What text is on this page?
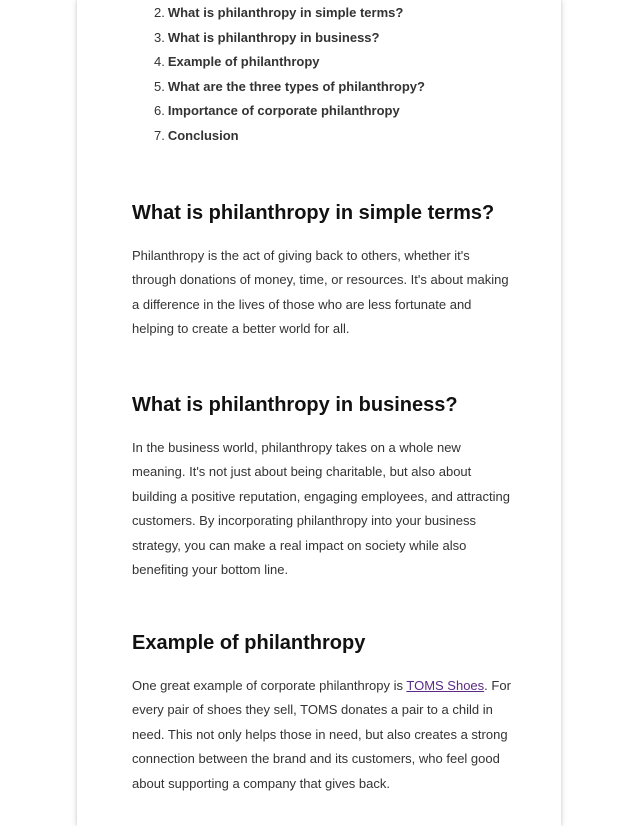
2. What is philanthropy in simple terms?
3. What is philanthropy in business?
4. Example of philanthropy
5. What are the three types of philanthropy?
6. Importance of corporate philanthropy
7. Conclusion
What is philanthropy in simple terms?
Philanthropy is the act of giving back to others, whether it's
through donations of money, time, or resources. It's about making
a difference in the lives of those who are less fortunate and
helping to create a better world for all.
What is philanthropy in business?
In the business world, philanthropy takes on a whole new
meaning. It's not just about being charitable, but also about
building a positive reputation, engaging employees, and attracting
customers. By incorporating philanthropy into your business
strategy, you can make a real impact on society while also
benefiting your bottom line.
Example of philanthropy
One great example of corporate philanthropy is TOMS Shoes. For
every pair of shoes they sell, TOMS donates a pair to a child in
need. This not only helps those in need, but also creates a strong
connection between the brand and its customers, who feel good
about supporting a company that gives back.
